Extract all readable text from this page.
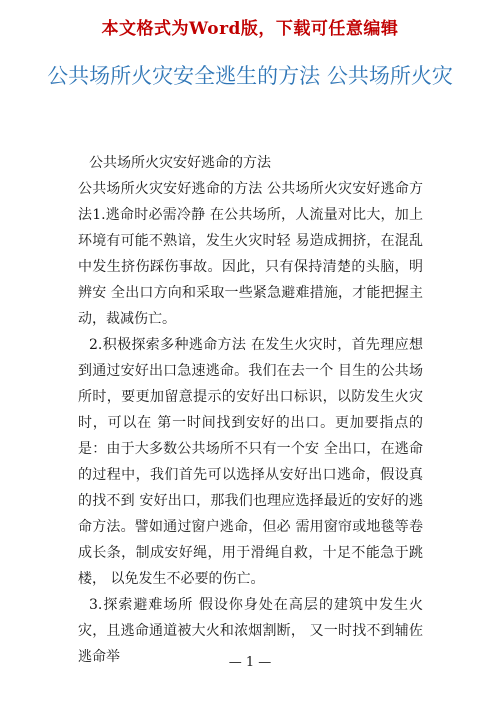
本文格式为Word版，下载可任意编辑
公共场所火灾安全逃生的方法 公共场所火灾

公共场所火灾安好逃命的方法

公共场所火灾安好逃命的方法 公共场所火灾安好逃命方法1.逃命时必需冷静 在公共场所，人流量对比大，加上环境有可能不熟谙，发生火灾时轻 易造成拥挤，在混乱中发生挤伤踩伤事故。因此，只有保持清楚的头脑，明辨安 全出口方向和采取一些紧急避难措施，才能把握主动，裁减伤亡。

2.积极探索多种逃命方法 在发生火灾时，首先理应想到通过安好出口急速逃命。我们在去一个 目生的公共场所时，要更加留意提示的安好出口标识，以防发生火灾时，可以在 第一时间找到安好的出口。更加要指点的是：由于大多数公共场所不只有一个安 全出口，在逃命的过程中，我们首先可以选择从安好出口逃命，假设真的找不到 安好出口，那我们也理应选择最近的安好的逃命方法。譬如通过窗户逃命，但必 需用窗帘或地毯等卷成长条，制成安好绳，用于滑绳自救，十足不能急于跳楼， 以免发生不必要的伤亡。

3.探索避难场所 假设你身处在高层的建筑中发生火灾，且逃命通道被大火和浓烟割断， 又一时找不到辅佐逃命举	— 1 —
